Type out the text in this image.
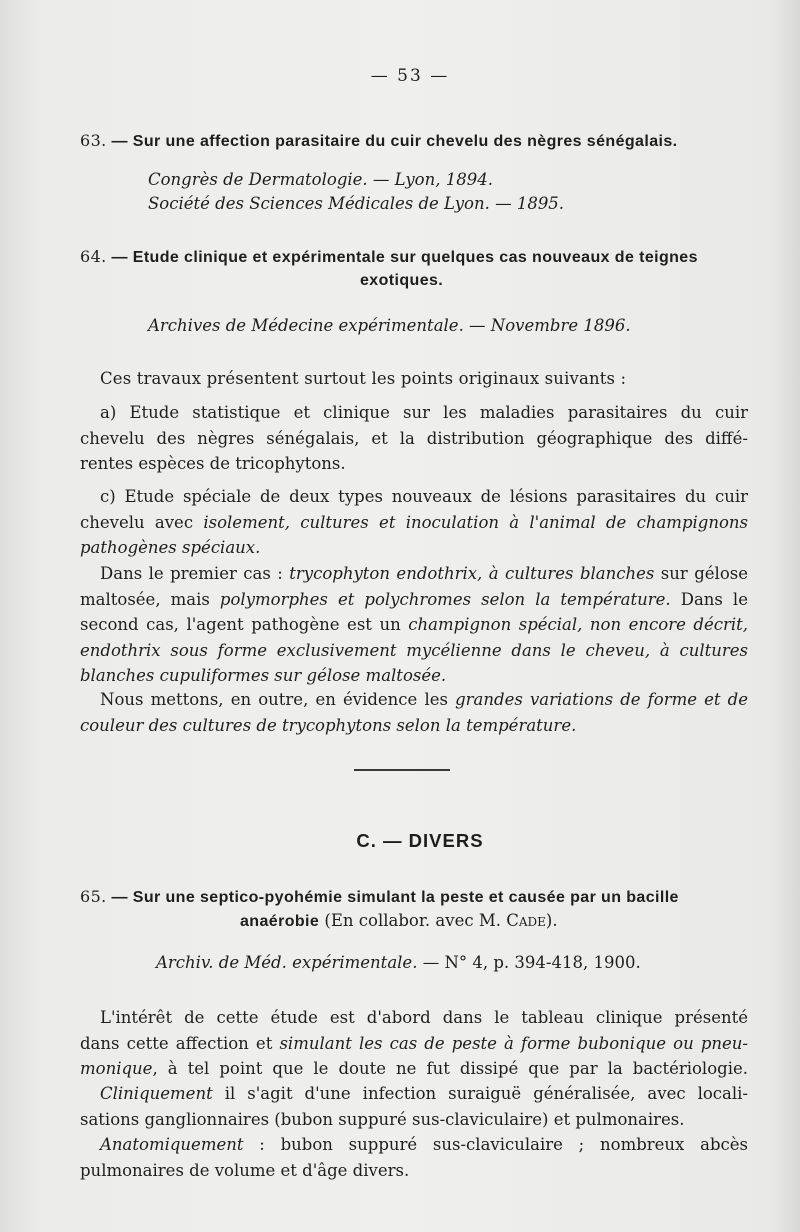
— 53 —
63. — Sur une affection parasitaire du cuir chevelu des nègres sénégalais.
Congrès de Dermatologie. — Lyon, 1894.
Société des Sciences Médicales de Lyon. — 1895.
64. — Etude clinique et expérimentale sur quelques cas nouveaux de teignes
exotiques.
Archives de Médecine expérimentale. — Novembre 1896.
Ces travaux présentent surtout les points originaux suivants :
a) Etude statistique et clinique sur les maladies parasitaires du cuir
chevelu des nègres sénégalais, et la distribution géographique des diffé-
rentes espèces de tricophytons.
c) Etude spéciale de deux types nouveaux de lésions parasitaires du cuir
chevelu avec isolement, cultures et inoculation à l'animal de champignons
pathogènes spéciaux.
Dans le premier cas : trycophyton endothrix, à cultures blanches sur gélose
maltosée, mais polymorphes et polychromes selon la température. Dans le
second cas, l'agent pathogène est un champignon spécial, non encore décrit,
endothrix sous forme exclusivement mycélienne dans le cheveu, à cultures
blanches cupuliformes sur gélose maltosée.
Nous mettons, en outre, en évidence les grandes variations de forme et de
couleur des cultures de trycophytons selon la température.
C. — DIVERS
65. — Sur une septico-pyohémie simulant la peste et causée par un bacille
anaérobie (En collabor. avec M. Cade).
Archiv. de Méd. expérimentale. — N° 4, p. 394-418, 1900.
L'intérêt de cette étude est d'abord dans le tableau clinique présenté
dans cette affection et simulant les cas de peste à forme bubonique ou pneu-
monique, à tel point que le doute ne fut dissipé que par la bactériologie.
Cliniquement il s'agit d'une infection suraiguë généralisée, avec locali-
sations ganglionnaires (bubon suppuré sus-claviculaire) et pulmonaires.
Anatomiquement : bubon suppuré sus-claviculaire ; nombreux abcès
pulmonaires de volume et d'âge divers.
